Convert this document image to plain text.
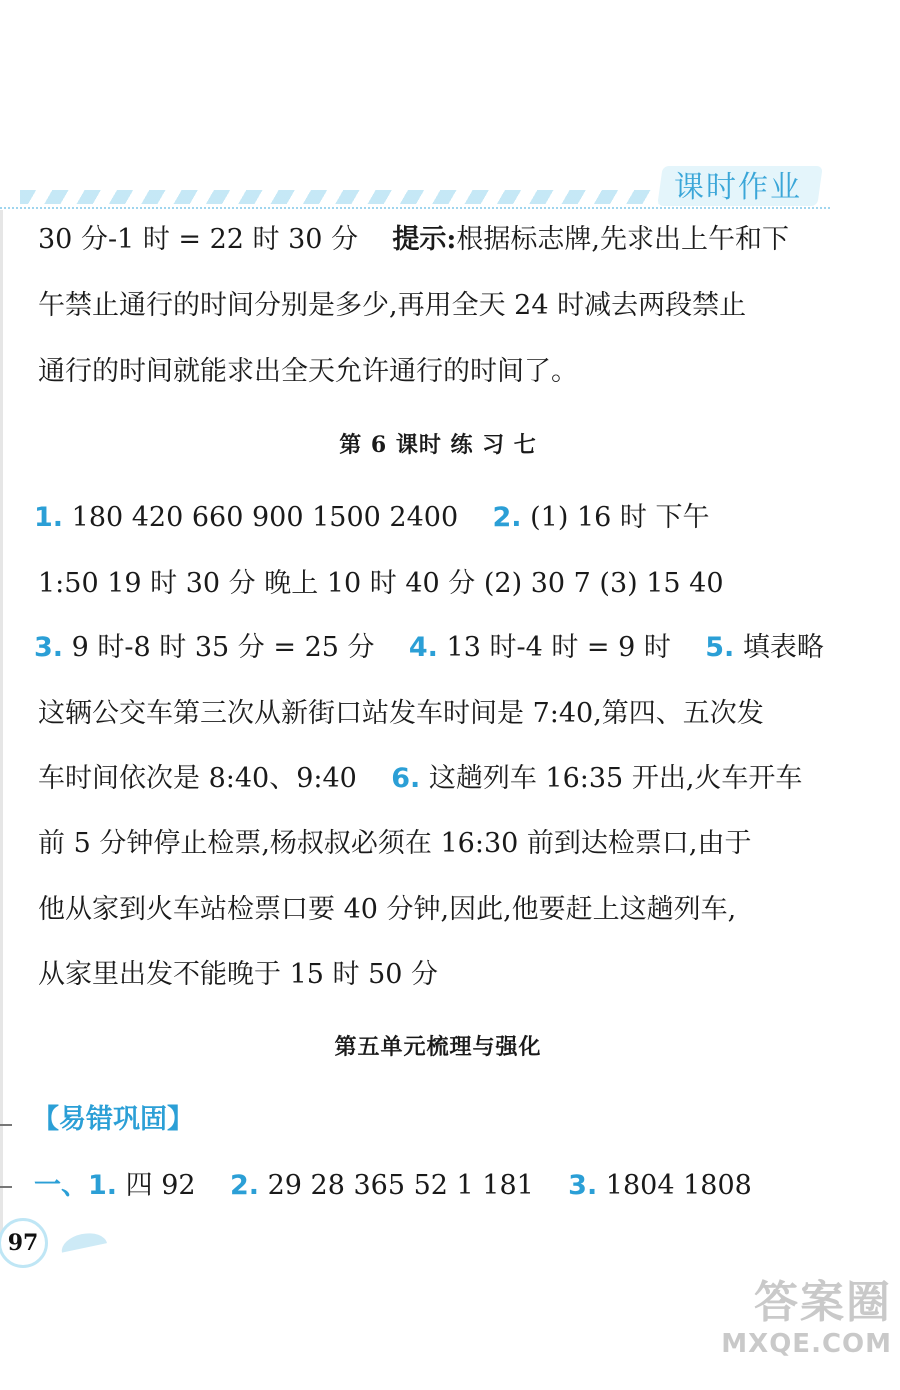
课时作业
30 分-1 时 = 22 时 30 分 提示:根据标志牌,先求出上午和下
午禁止通行的时间分别是多少,再用全天 24 时减去两段禁止
通行的时间就能求出全天允许通行的时间了。
第 6 课时 练 习 七
1. 180 420 660 900 1500 2400 2. (1) 16 时 下午
1:50 19 时 30 分 晚上 10 时 40 分 (2) 30 7 (3) 15 40
3. 9 时-8 时 35 分 = 25 分 4. 13 时-4 时 = 9 时 5. 填表略
这辆公交车第三次从新街口站发车时间是 7:40,第四、五次发
车时间依次是 8:40、9:40 6. 这趟列车 16:35 开出,火车开车
前 5 分钟停止检票,杨叔叔必须在 16:30 前到达检票口,由于
他从家到火车站检票口要 40 分钟,因此,他要赶上这趟列车,
从家里出发不能晚于 15 时 50 分
第五单元梳理与强化
【易错巩固】
一、1. 四 92 2. 29 28 365 52 1 181 3. 1804 1808
97
答案圈
MXQE.COM
